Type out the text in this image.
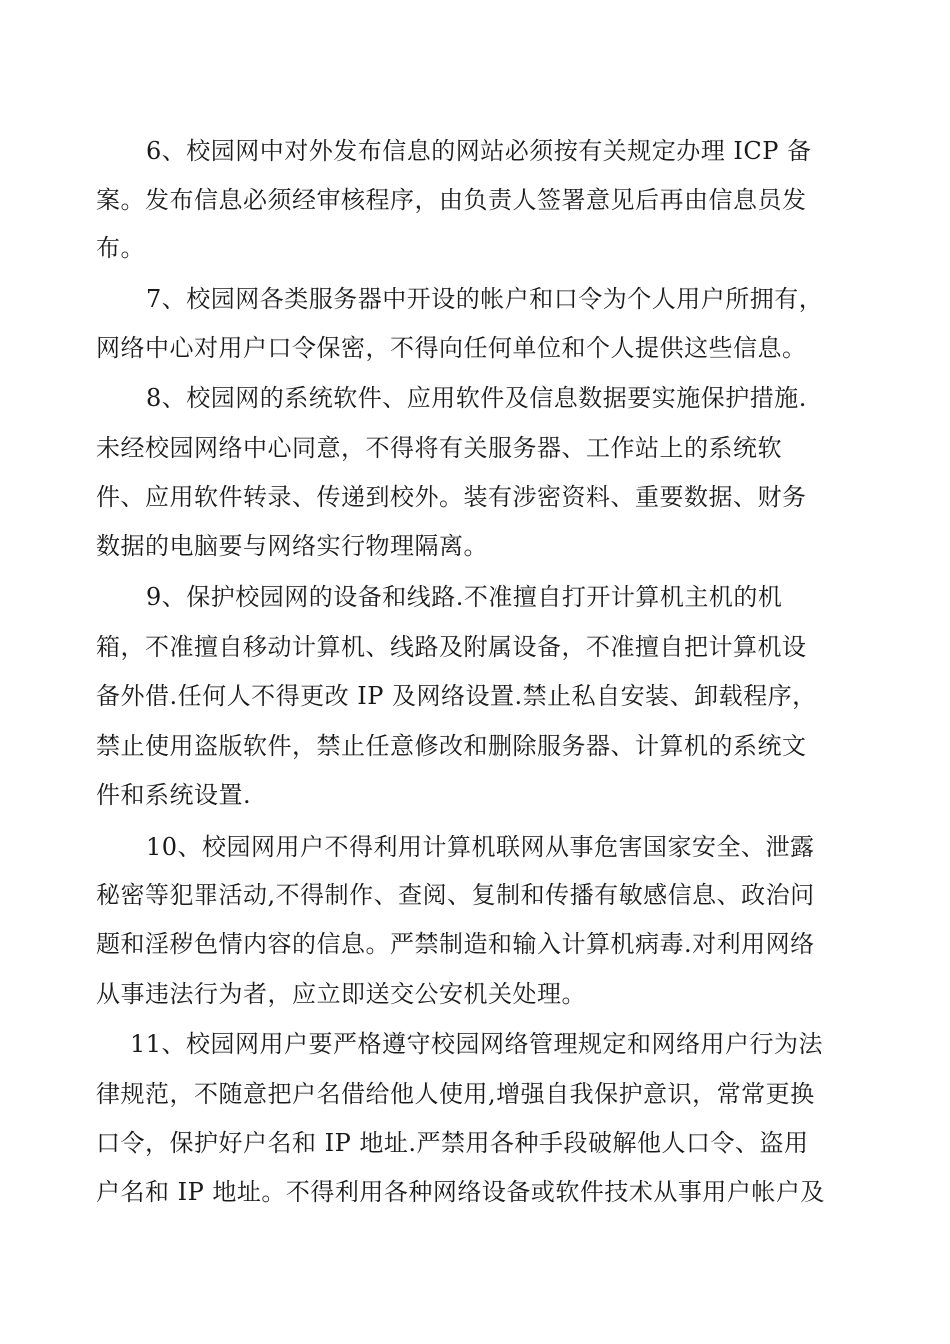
6、校园网中对外发布信息的网站必须按有关规定办理 ICP 备
案。发布信息必须经审核程序，由负责人签署意见后再由信息员发
布。
7、校园网各类服务器中开设的帐户和口令为个人用户所拥有，
网络中心对用户口令保密，不得向任何单位和个人提供这些信息。
8、校园网的系统软件、应用软件及信息数据要实施保护措施.
未经校园网络中心同意，不得将有关服务器、工作站上的系统软
件、应用软件转录、传递到校外。装有涉密资料、重要数据、财务
数据的电脑要与网络实行物理隔离。
9、保护校园网的设备和线路.不准擅自打开计算机主机的机
箱，不准擅自移动计算机、线路及附属设备，不准擅自把计算机设
备外借.任何人不得更改 IP 及网络设置.禁止私自安装、卸载程序，
禁止使用盗版软件，禁止任意修改和删除服务器、计算机的系统文
件和系统设置.
10、校园网用户不得利用计算机联网从事危害国家安全、泄露
秘密等犯罪活动,不得制作、查阅、复制和传播有敏感信息、政治问
题和淫秽色情内容的信息。严禁制造和输入计算机病毒.对利用网络
从事违法行为者，应立即送交公安机关处理。
11、校园网用户要严格遵守校园网络管理规定和网络用户行为法
律规范，不随意把户名借给他人使用,增强自我保护意识，常常更换
口令，保护好户名和 IP 地址.严禁用各种手段破解他人口令、盗用
户名和 IP 地址。不得利用各种网络设备或软件技术从事用户帐户及
